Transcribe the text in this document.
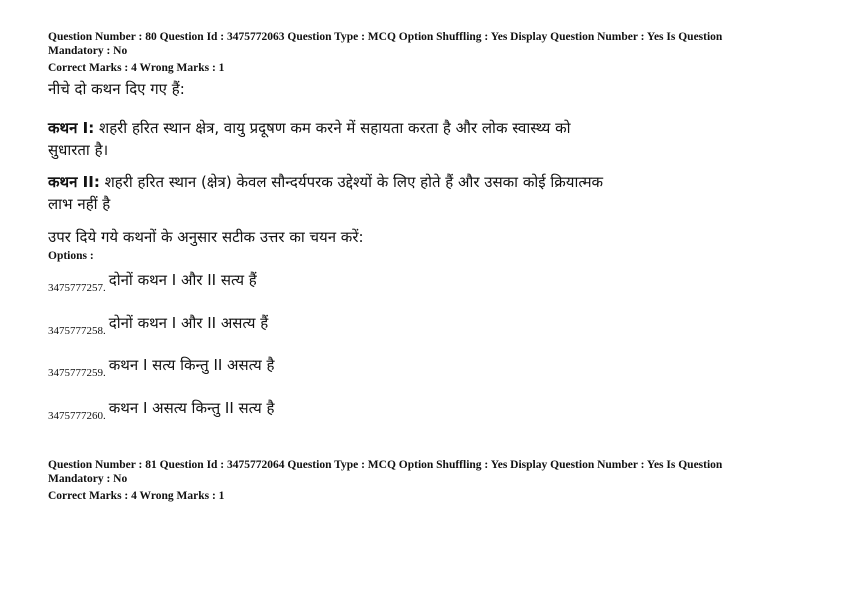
Question Number : 80 Question Id : 3475772063 Question Type : MCQ Option Shuffling : Yes Display Question Number : Yes Is Question
Mandatory : No
Correct Marks : 4 Wrong Marks : 1
नीचे दो कथन दिए गए हैं:
कथन I: शहरी हरित स्थान क्षेत्र, वायु प्रदूषण कम करने में सहायता करता है और लोक स्वास्थ्य को
सुधारता है।
कथन II: शहरी हरित स्थान (क्षेत्र) केवल सौन्दर्यपरक उद्देश्यों के लिए होते हैं और उसका कोई क्रियात्मक
लाभ नहीं है
उपर दिये गये कथनों के अनुसार सटीक उत्तर का चयन करें:
Options :
$_{3475777257.}$ दोनों कथन I और II सत्य हैं
$_{3475777258.}$ दोनों कथन I और II असत्य हैं
$_{3475777259.}$ कथन I सत्य किन्तु II असत्य है
$_{3475777260.}$ कथन I असत्य किन्तु II सत्य है
Question Number : 81 Question Id : 3475772064 Question Type : MCQ Option Shuffling : Yes Display Question Number : Yes Is Question
Mandatory : No
Correct Marks : 4 Wrong Marks : 1
